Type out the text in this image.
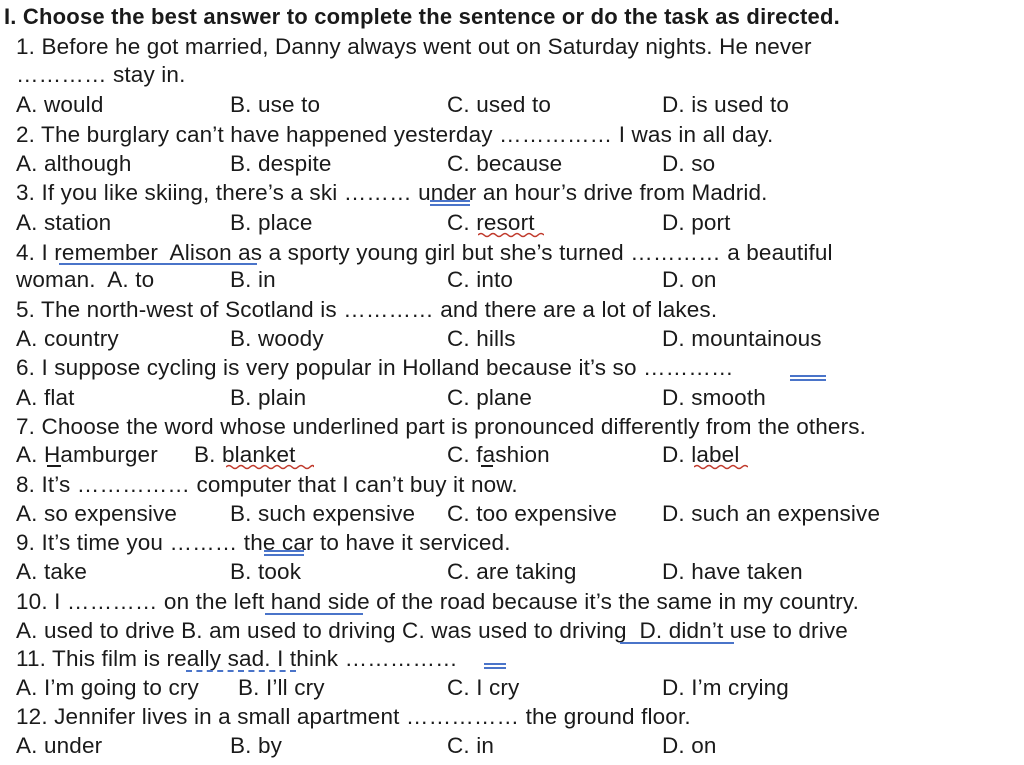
I. Choose the best answer to complete the sentence or do the task as directed.
1. Before he got married, Danny always went out on Saturday nights. He never
………… stay in.
A. would	B. use to	C. used to	D. is used to
2. The burglary can’t have happened yesterday …………… I was in all day.
A. although	B. despite	C. because	D. so
3. If you like skiing, there’s a ski ……… under an hour’s drive from Madrid.
A. station	B. place	C. resort	D. port
4. I remember  Alison as a sporty young girl but she’s turned ………… a beautiful
woman.  A. to	B. in	C. into	D. on
5. The north-west of Scotland is ………… and there are a lot of lakes.
A. country	B. woody	C. hills	D. mountainous
6. I suppose cycling is very popular in Holland because it’s so …………
A. flat	B. plain	C. plane	D. smooth
7. Choose the word whose underlined part is pronounced differently from the others.
A. Hamburger B. blanket	C. fashion	D. label
8. It’s …………… computer that I can’t buy it now.
A. so expensive B. such expensive C. too expensive D. such an expensive
9. It’s time you ……… the car to have it serviced.
A. take	B. took	C. are taking	D. have taken
10. I ………… on the left hand side of the road because it’s the same in my country.
A. used to drive B. am used to driving C. was used to driving  D. didn’t use to drive
11. This film is really sad. I think ……………
A. I’m going to cry B. I’ll cry	C. I cry	D. I’m crying
12. Jennifer lives in a small apartment …………… the ground floor.
A. under	B. by	C. in	D. on
